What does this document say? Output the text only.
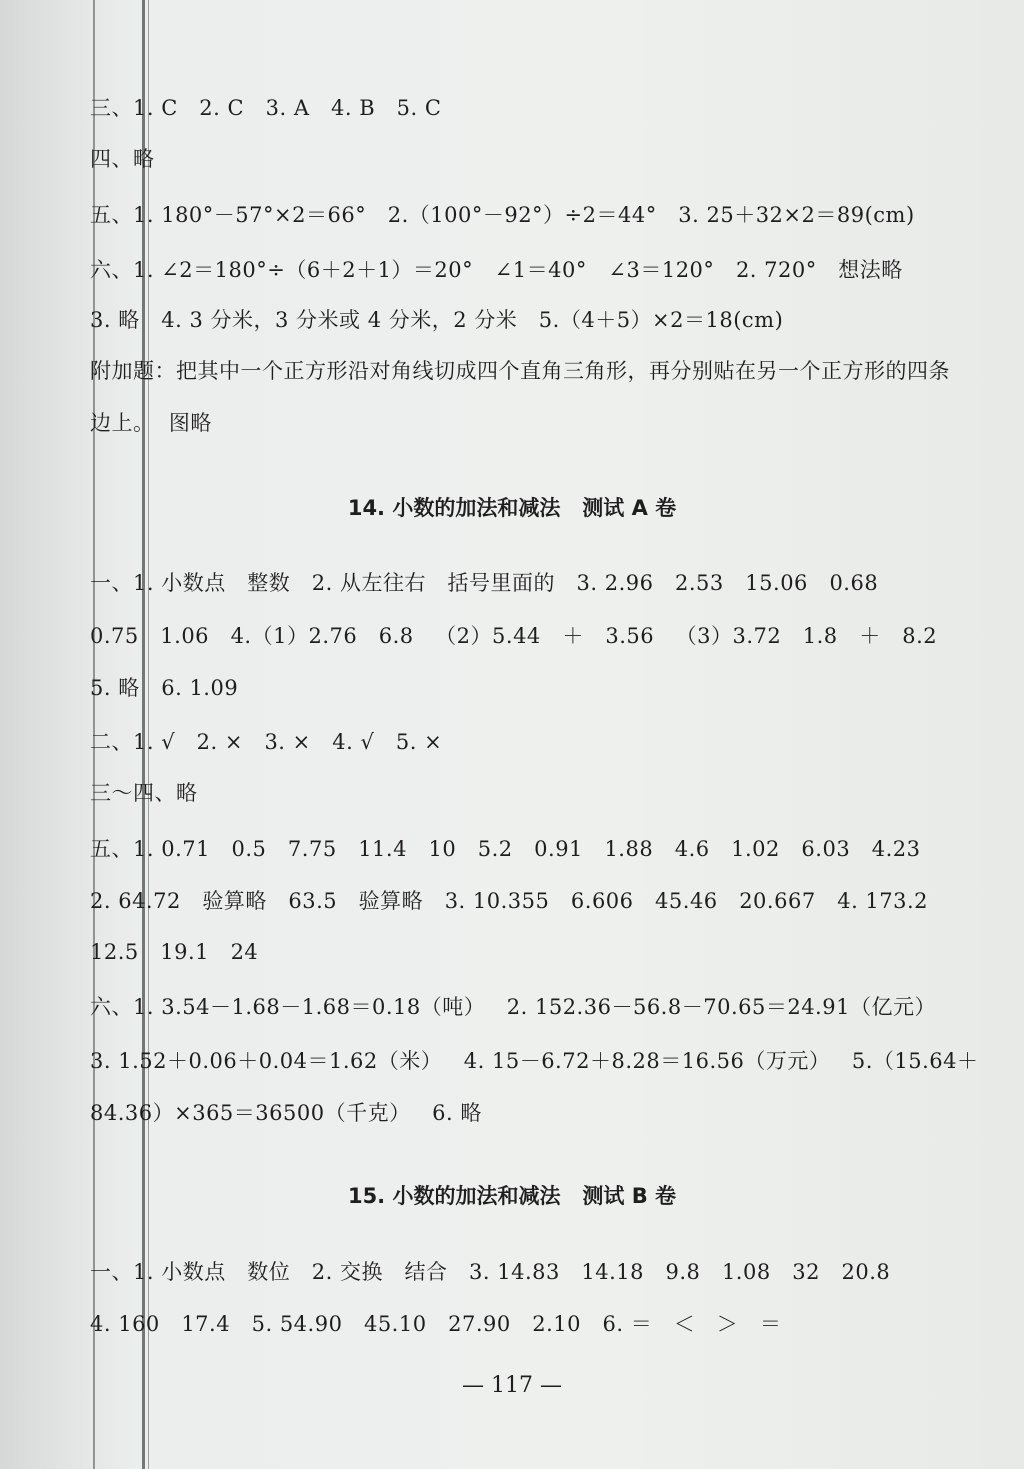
三、1. C   2. C   3. A   4. B   5. C
四、略
五、1. 180°－57°×2＝66°   2.（100°－92°）÷2＝44°   3. 25＋32×2＝89(cm)
六、1. ∠2＝180°÷（6＋2＋1）＝20°   ∠1＝40°   ∠3＝120°   2. 720°   想法略
3. 略   4. 3 分米，3 分米或 4 分米，2 分米   5.（4＋5）×2＝18(cm)
附加题：把其中一个正方形沿对角线切成四个直角三角形，再分别贴在另一个正方形的四条
边上。  图略
14. 小数的加法和减法   测试 A 卷
一、1. 小数点   整数   2. 从左往右   括号里面的   3. 2.96   2.53   15.06   0.68
0.75   1.06   4.（1）2.76   6.8   （2）5.44   ＋   3.56   （3）3.72   1.8   ＋   8.2
5. 略   6. 1.09
二、1. √   2. ×   3. ×   4. √   5. ×
三～四、略
五、1. 0.71   0.5   7.75   11.4   10   5.2   0.91   1.88   4.6   1.02   6.03   4.23
2. 64.72   验算略   63.5   验算略   3. 10.355   6.606   45.46   20.667   4. 173.2
12.5   19.1   24
六、1. 3.54－1.68－1.68＝0.18（吨）   2. 152.36－56.8－70.65＝24.91（亿元）
3. 1.52＋0.06＋0.04＝1.62（米）   4. 15－6.72＋8.28＝16.56（万元）   5.（15.64＋
84.36）×365＝36500（千克）   6. 略
15. 小数的加法和减法   测试 B 卷
一、1. 小数点   数位   2. 交换   结合   3. 14.83   14.18   9.8   1.08   32   20.8
4. 160   17.4   5. 54.90   45.10   27.90   2.10   6. ＝   ＜   ＞   ＝
— 117 —
